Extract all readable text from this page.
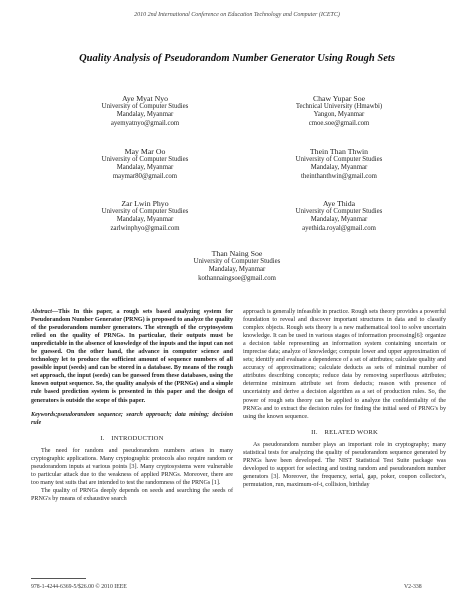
2010 2nd International Conference on Education Technology and Computer (ICETC)
Quality Analysis of Pseudorandom Number Generator Using Rough Sets
Aye Myat Nyo
University of Computer Studies
Mandalay, Myanmar
ayemyatnyo@gmail.com
Chaw Yupar Soe
Technical University (Hmawbi)
Yangon, Myanmar
cmoe.soe@gmail.com
May Mar Oo
University of Computer Studies
Mandalay, Myanmar
maymar80@gmail.com
Thein Than Thwin
University of Computer Studies
Mandalay, Myanmar
theinthanthwin@gmail.com
Zar Lwin Phyo
University of Computer Studies
Mandalay, Myanmar
zarlwinphyo@gmail.com
Aye Thida
University of Computer Studies
Mandalay, Myanmar
ayethida.royal@gmail.com
Than Naing Soe
University of Computer Studies
Mandalay, Myanmar
kothannaingsoe@gmail.com

Abstract—This In this paper, a rough sets based analyzing system for Pseudorandom Number Generator (PRNG) is proposed to analyze the quality of the pseudorandom number generators. The strength of the cryptosystem relied on the quality of PRNGs. In particular, their outputs must be unpredictable in the absence of knowledge of the inputs and the input can not be guessed. On the other hand, the advance in computer science and technology let to produce the sufficient amount of sequence numbers of all possible input (seeds) and can be stored in a database. By means of the rough set approach, the input (seeds) can be guessed from these databases, using the known output sequence. So, the quality analysis of the (PRNGs) and a simple rule based prediction system is presented in this paper and the design of generators is outside the scope of this paper.

Keywords;pseudorandom sequence; search approach; data mining; decision rule

I. INTRODUCTION

The need for random and pseudorandom numbers arises in many cryptographic applications. Many cryptographic protocols also require random or pseudorandom inputs at various points [3]. Many cryptosystems were vulnerable to particular attack due to the weakness of applied PRNGs. Moreover, there are too many test suits that are intended to test the randomness of the PRNGs [1].

The quality of PRNGs deeply depends on seeds and searching the seeds of PRNG's by means of exhaustive search

approach is generally infeasible in practice. Rough sets theory provides a powerful foundation to reveal and discover important structures in data and to classify complex objects. Rough sets theory is a new mathematical tool to solve uncertain knowledge. It can be used in various stages of information processing[6]: organize a decision table representing an information system containing uncertain or imprecise data; analyze of knowledge; compute lower and upper approximation of sets; identify and evaluate a dependence of a set of attributes; calculate quality and accuracy of approximations; calculate deducts as sets of minimal number of attributes describing concepts; reduce data by removing superfluous attributes; determine minimum attribute set from deducts; reason with presence of uncertainty and derive a decision algorithm as a set of production rules. So, the power of rough sets theory can be applied to analyze the confidentiality of the PRNGs and to extract the decision rules for finding the initial seed of PRNG's by using the known sequence.

II. RELATED WORK

As pseudorandom number plays an important role in cryptography; many statistical tests for analyzing the quality of pseudorandom sequence generated by PRNGs have been developed. The NIST Statistical Test Suite package was developed to support for selecting and testing random and pseudorandom number generators [3]. Moreover, the frequency, serial, gap, poker, coupon collector's, permutation, run, maximum-of-t, collision, birthday

978-1-4244-6369-5/$26.00 © 2010 IEEE	V2-338
